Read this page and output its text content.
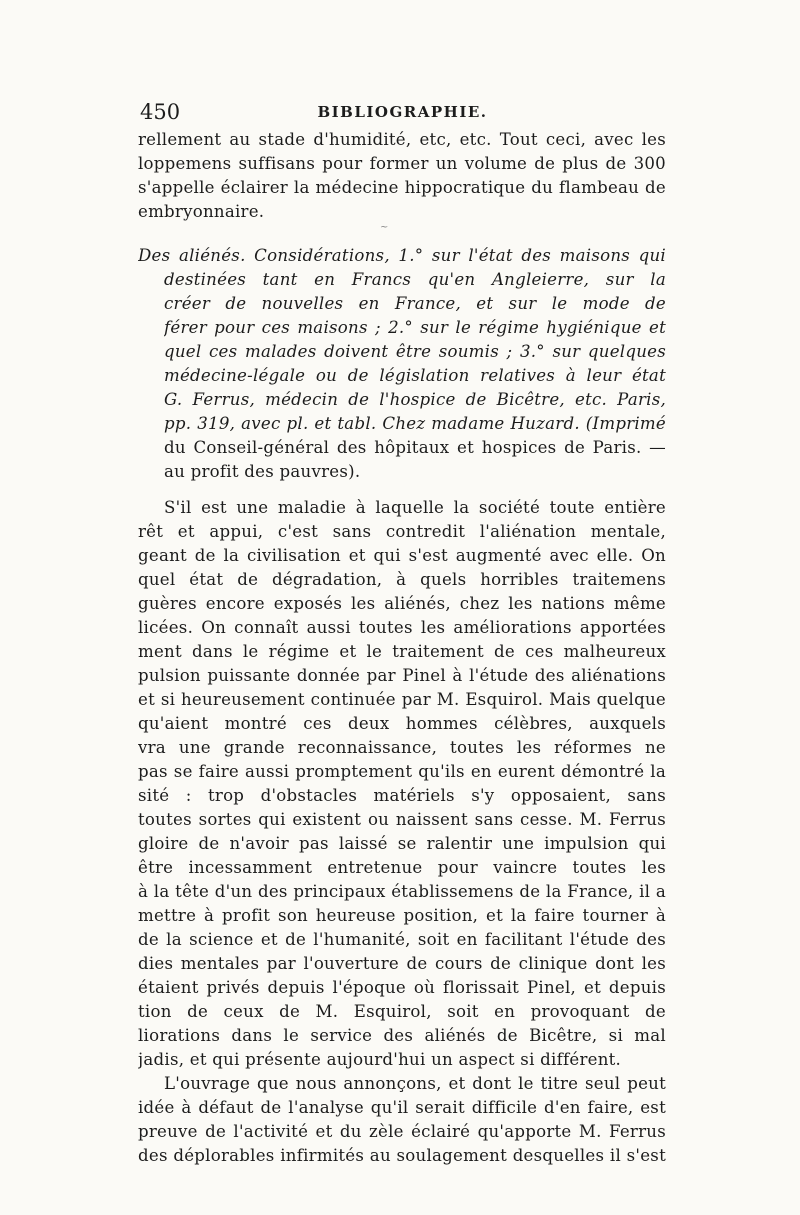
450	BIBLIOGRAPHIE.
rellement au stade d'humidité, etc, etc. Tout ceci, avec les
loppemens suffisans pour former un volume de plus de 300
s'appelle éclairer la médecine hippocratique du flambeau de
embryonnaire.
~
Des aliénés. Considérations, 1.° sur l'état des maisons qui
destinées tant en Francs qu'en Angleierre, sur la
créer de nouvelles en France, et sur le mode de
férer pour ces maisons ; 2.° sur le régime hygiénique et
quel ces malades doivent être soumis ; 3.° sur quelques
médecine-légale ou de législation relatives à leur état
G. Ferrus, médecin de l'hospice de Bicêtre, etc. Paris,
pp. 319, avec pl. et tabl. Chez madame Huzard. (Imprimé
du Conseil-général des hôpitaux et hospices de Paris. —
au profit des pauvres).
S'il est une maladie à laquelle la société toute entière
rêt et appui, c'est sans contredit l'aliénation mentale,
geant de la civilisation et qui s'est augmenté avec elle. On
quel état de dégradation, à quels horribles traitemens
guères encore exposés les aliénés, chez les nations même
licées. On connaît aussi toutes les améliorations apportées
ment dans le régime et le traitement de ces malheureux
pulsion puissante donnée par Pinel à l'étude des aliénations
et si heureusement continuée par M. Esquirol. Mais quelque
qu'aient montré ces deux hommes célèbres, auxquels
vra une grande reconnaissance, toutes les réformes ne
pas se faire aussi promptement qu'ils en eurent démontré la
sité : trop d'obstacles matériels s'y opposaient, sans
toutes sortes qui existent ou naissent sans cesse. M. Ferrus
gloire de n'avoir pas laissé se ralentir une impulsion qui
être incessamment entretenue pour vaincre toutes les
à la tête d'un des principaux établissemens de la France, il a
mettre à profit son heureuse position, et la faire tourner à
de la science et de l'humanité, soit en facilitant l'étude des
dies mentales par l'ouverture de cours de clinique dont les
étaient privés depuis l'époque où florissait Pinel, et depuis
tion de ceux de M. Esquirol, soit en provoquant de
liorations dans le service des aliénés de Bicêtre, si mal
jadis, et qui présente aujourd'hui un aspect si différent.
L'ouvrage que nous annonçons, et dont le titre seul peut
idée à défaut de l'analyse qu'il serait difficile d'en faire, est
preuve de l'activité et du zèle éclairé qu'apporte M. Ferrus
des déplorables infirmités au soulagement desquelles il s'est
